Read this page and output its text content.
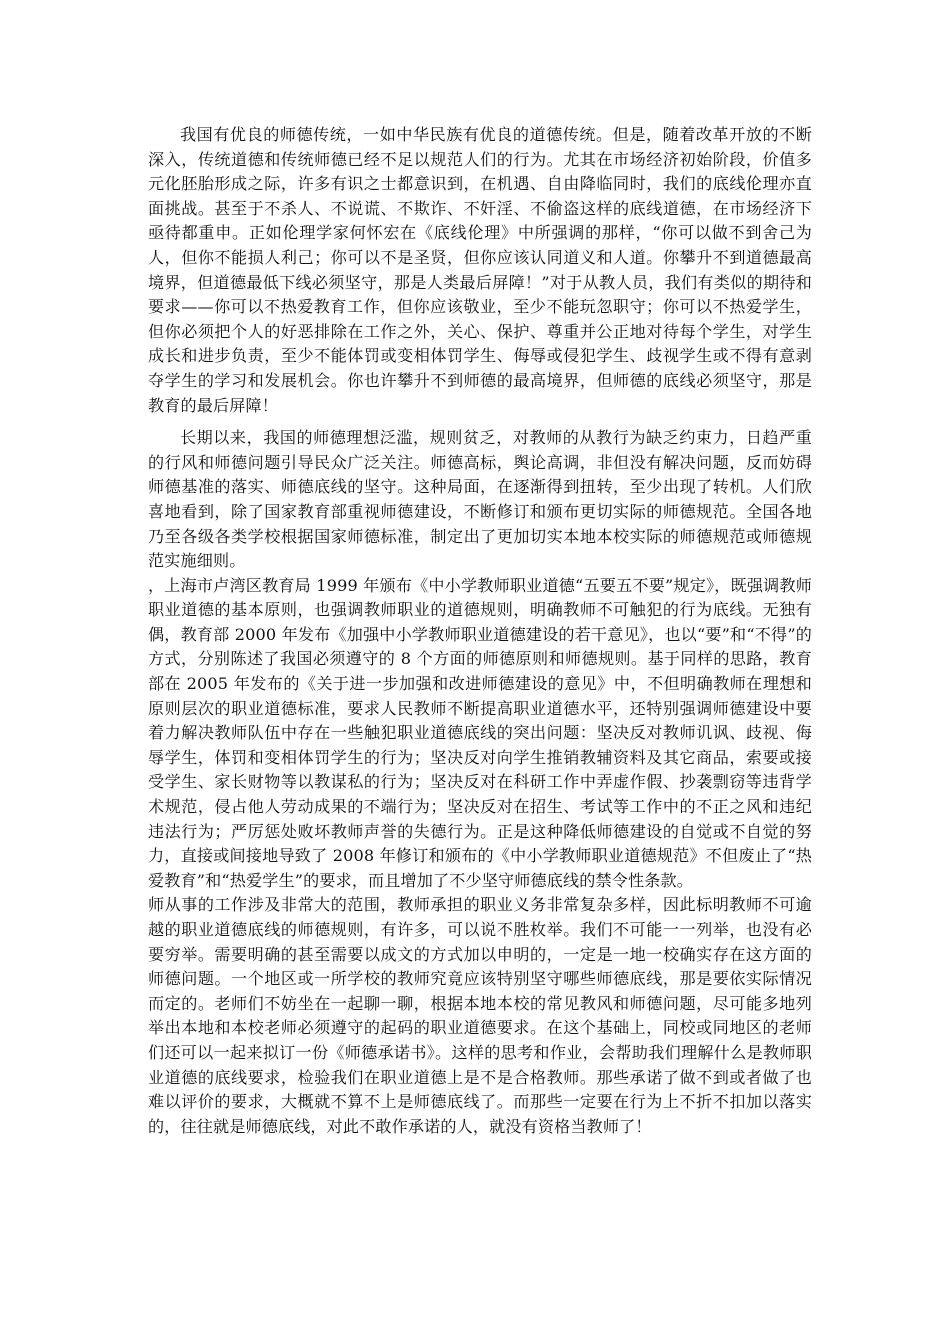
我国有优良的师德传统，一如中华民族有优良的道德传统。但是，随着改革开放的不断深入，传统道德和传统师德已经不足以规范人们的行为。尤其在市场经济初始阶段，价值多元化胚胎形成之际，许多有识之士都意识到，在机遇、自由降临同时，我们的底线伦理亦直面挑战。甚至于不杀人、不说谎、不欺诈、不奸淫、不偷盗这样的底线道德，在市场经济下亟待都重申。正如伦理学家何怀宏在《底线伦理》中所强调的那样，“你可以做不到舍己为人，但你不能损人利己；你可以不是圣贤，但你应该认同道义和人道。你攀升不到道德最高境界，但道德最低下线必须坚守，那是人类最后屏障！”对于从教人员，我们有类似的期待和要求——你可以不热爱教育工作，但你应该敬业，至少不能玩忽职守；你可以不热爱学生，但你必须把个人的好恶排除在工作之外，关心、保护、尊重并公正地对待每个学生，对学生成长和进步负责，至少不能体罚或变相体罚学生、侮辱或侵犯学生、歧视学生或不得有意剥夺学生的学习和发展机会。你也许攀升不到师德的最高境界，但师德的底线必须坚守，那是教育的最后屏障！

长期以来，我国的师德理想泛滥，规则贫乏，对教师的从教行为缺乏约束力，日趋严重的行风和师德问题引导民众广泛关注。师德高标，舆论高调，非但没有解决问题，反而妨碍师德基准的落实、师德底线的坚守。这种局面，在逐渐得到扭转，至少出现了转机。人们欣喜地看到，除了国家教育部重视师德建设，不断修订和颁布更切实际的师德规范。全国各地乃至各级各类学校根据国家师德标准，制定出了更加切实本地本校实际的师德规范或师德规范实施细则。

，上海市卢湾区教育局 1999 年颁布《中小学教师职业道德“五要五不要”规定》，既强调教师职业道德的基本原则，也强调教师职业的道德规则，明确教师不可触犯的行为底线。无独有偶，教育部 2000 年发布《加强中小学教师职业道德建设的若干意见》，也以“要”和“不得”的方式，分别陈述了我国必须遵守的 8 个方面的师德原则和师德规则。基于同样的思路，教育部在 2005 年发布的《关于进一步加强和改进师德建设的意见》中，不但明确教师在理想和原则层次的职业道德标准，要求人民教师不断提高职业道德水平，还特别强调师德建设中要着力解决教师队伍中存在一些触犯职业道德底线的突出问题：坚决反对教师讥讽、歧视、侮辱学生，体罚和变相体罚学生的行为；坚决反对向学生推销教辅资料及其它商品，索要或接受学生、家长财物等以教谋私的行为；坚决反对在科研工作中弄虚作假、抄袭剽窃等违背学术规范，侵占他人劳动成果的不端行为；坚决反对在招生、考试等工作中的不正之风和违纪违法行为；严厉惩处败坏教师声誉的失德行为。正是这种降低师德建设的自觉或不自觉的努力，直接或间接地导致了 2008 年修订和颁布的《中小学教师职业道德规范》不但废止了“热爱教育”和“热爱学生”的要求，而且增加了不少坚守师德底线的禁令性条款。

师从事的工作涉及非常大的范围，教师承担的职业义务非常复杂多样，因此标明教师不可逾越的职业道德底线的师德规则，有许多，可以说不胜枚举。我们不可能一一列举，也没有必要穷举。需要明确的甚至需要以成文的方式加以申明的，一定是一地一校确实存在这方面的师德问题。一个地区或一所学校的教师究竟应该特别坚守哪些师德底线，那是要依实际情况而定的。老师们不妨坐在一起聊一聊，根据本地本校的常见教风和师德问题，尽可能多地列举出本地和本校老师必须遵守的起码的职业道德要求。在这个基础上，同校或同地区的老师们还可以一起来拟订一份《师德承诺书》。这样的思考和作业，会帮助我们理解什么是教师职业道德的底线要求，检验我们在职业道德上是不是合格教师。那些承诺了做不到或者做了也难以评价的要求，大概就不算不上是师德底线了。而那些一定要在行为上不折不扣加以落实的，往往就是师德底线，对此不敢作承诺的人，就没有资格当教师了！
